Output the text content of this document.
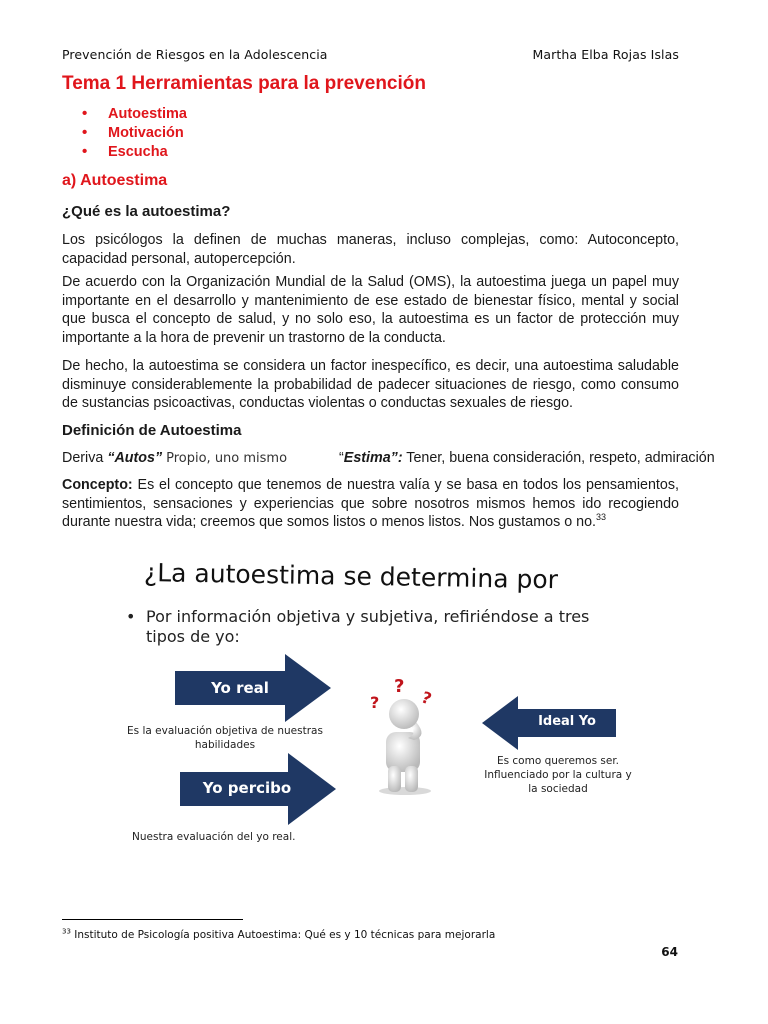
Prevención de Riesgos en la Adolescencia	Martha Elba Rojas Islas
Tema 1 Herramientas para la prevención
• Autoestima
• Motivación
• Escucha
a) Autoestima
¿Qué es la autoestima?

Los psicólogos la definen de muchas maneras, incluso complejas, como: Autoconcepto, capacidad personal, autopercepción.

De acuerdo con la Organización Mundial de la Salud (OMS), la autoestima juega un papel muy importante en el desarrollo y mantenimiento de ese estado de bienestar físico, mental y social que busca el concepto de salud, y no solo eso, la autoestima es un factor de protección muy importante a la hora de prevenir un trastorno de la conducta.

De hecho, la autoestima se considera un factor inespecífico, es decir, una autoestima saludable disminuye considerablemente la probabilidad de padecer situaciones de riesgo, como consumo de sustancias psicoactivas, conductas violentas o conductas sexuales de riesgo.

Definición de Autoestima
Deriva “Autos” Propio, uno mismo	“Estima”: Tener, buena consideración, respeto, admiración

Concepto: Es el concepto que tenemos de nuestra valía y se basa en todos los pensamientos, sentimientos, sensaciones y experiencias que sobre nosotros mismos hemos ido recogiendo durante nuestra vida; creemos que somos listos o menos listos. Nos gustamos o no.$^{33}$

¿La autoestima se determina por
• Por información objetiva y subjetiva, refiriéndose a tres tipos de yo:
Yo real
Es la evaluación objetiva de nuestras habilidades
Yo percibo
Nuestra evaluación del yo real.
Ideal Yo
Es como queremos ser. Influenciado por la cultura y la sociedad
?
?
?
$^{33}$ Instituto de Psicología positiva Autoestima: Qué es y 10 técnicas para mejorarla
64
